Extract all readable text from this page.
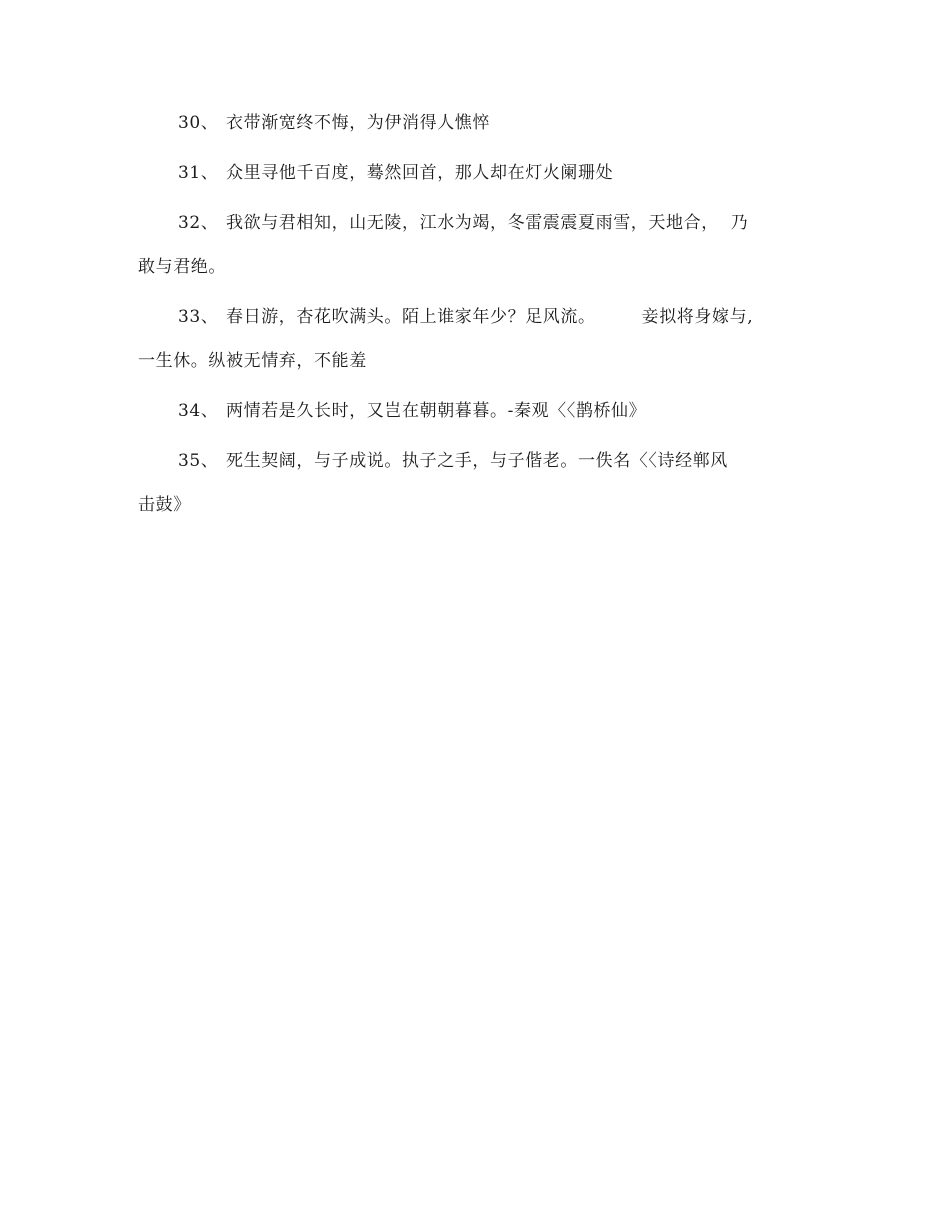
30、 衣带渐宽终不悔，为伊消得人憔悴
31、 众里寻他千百度，蓦然回首，那人却在灯火阑珊处
32、 我欲与君相知，山无陵，江水为竭，冬雷震震夏雨雪，天地合，  乃
敢与君绝。
33、 春日游，杏花吹满头。陌上谁家年少？足风流。	妾拟将身嫁与,
一生休。纵被无情弃，不能羞
34、 两情若是久长时，又岂在朝朝暮暮。-秦观〈〈鹊桥仙》
35、 死生契阔，与子成说。执子之手，与子偕老。一佚名〈〈诗经郸风
击鼓》
